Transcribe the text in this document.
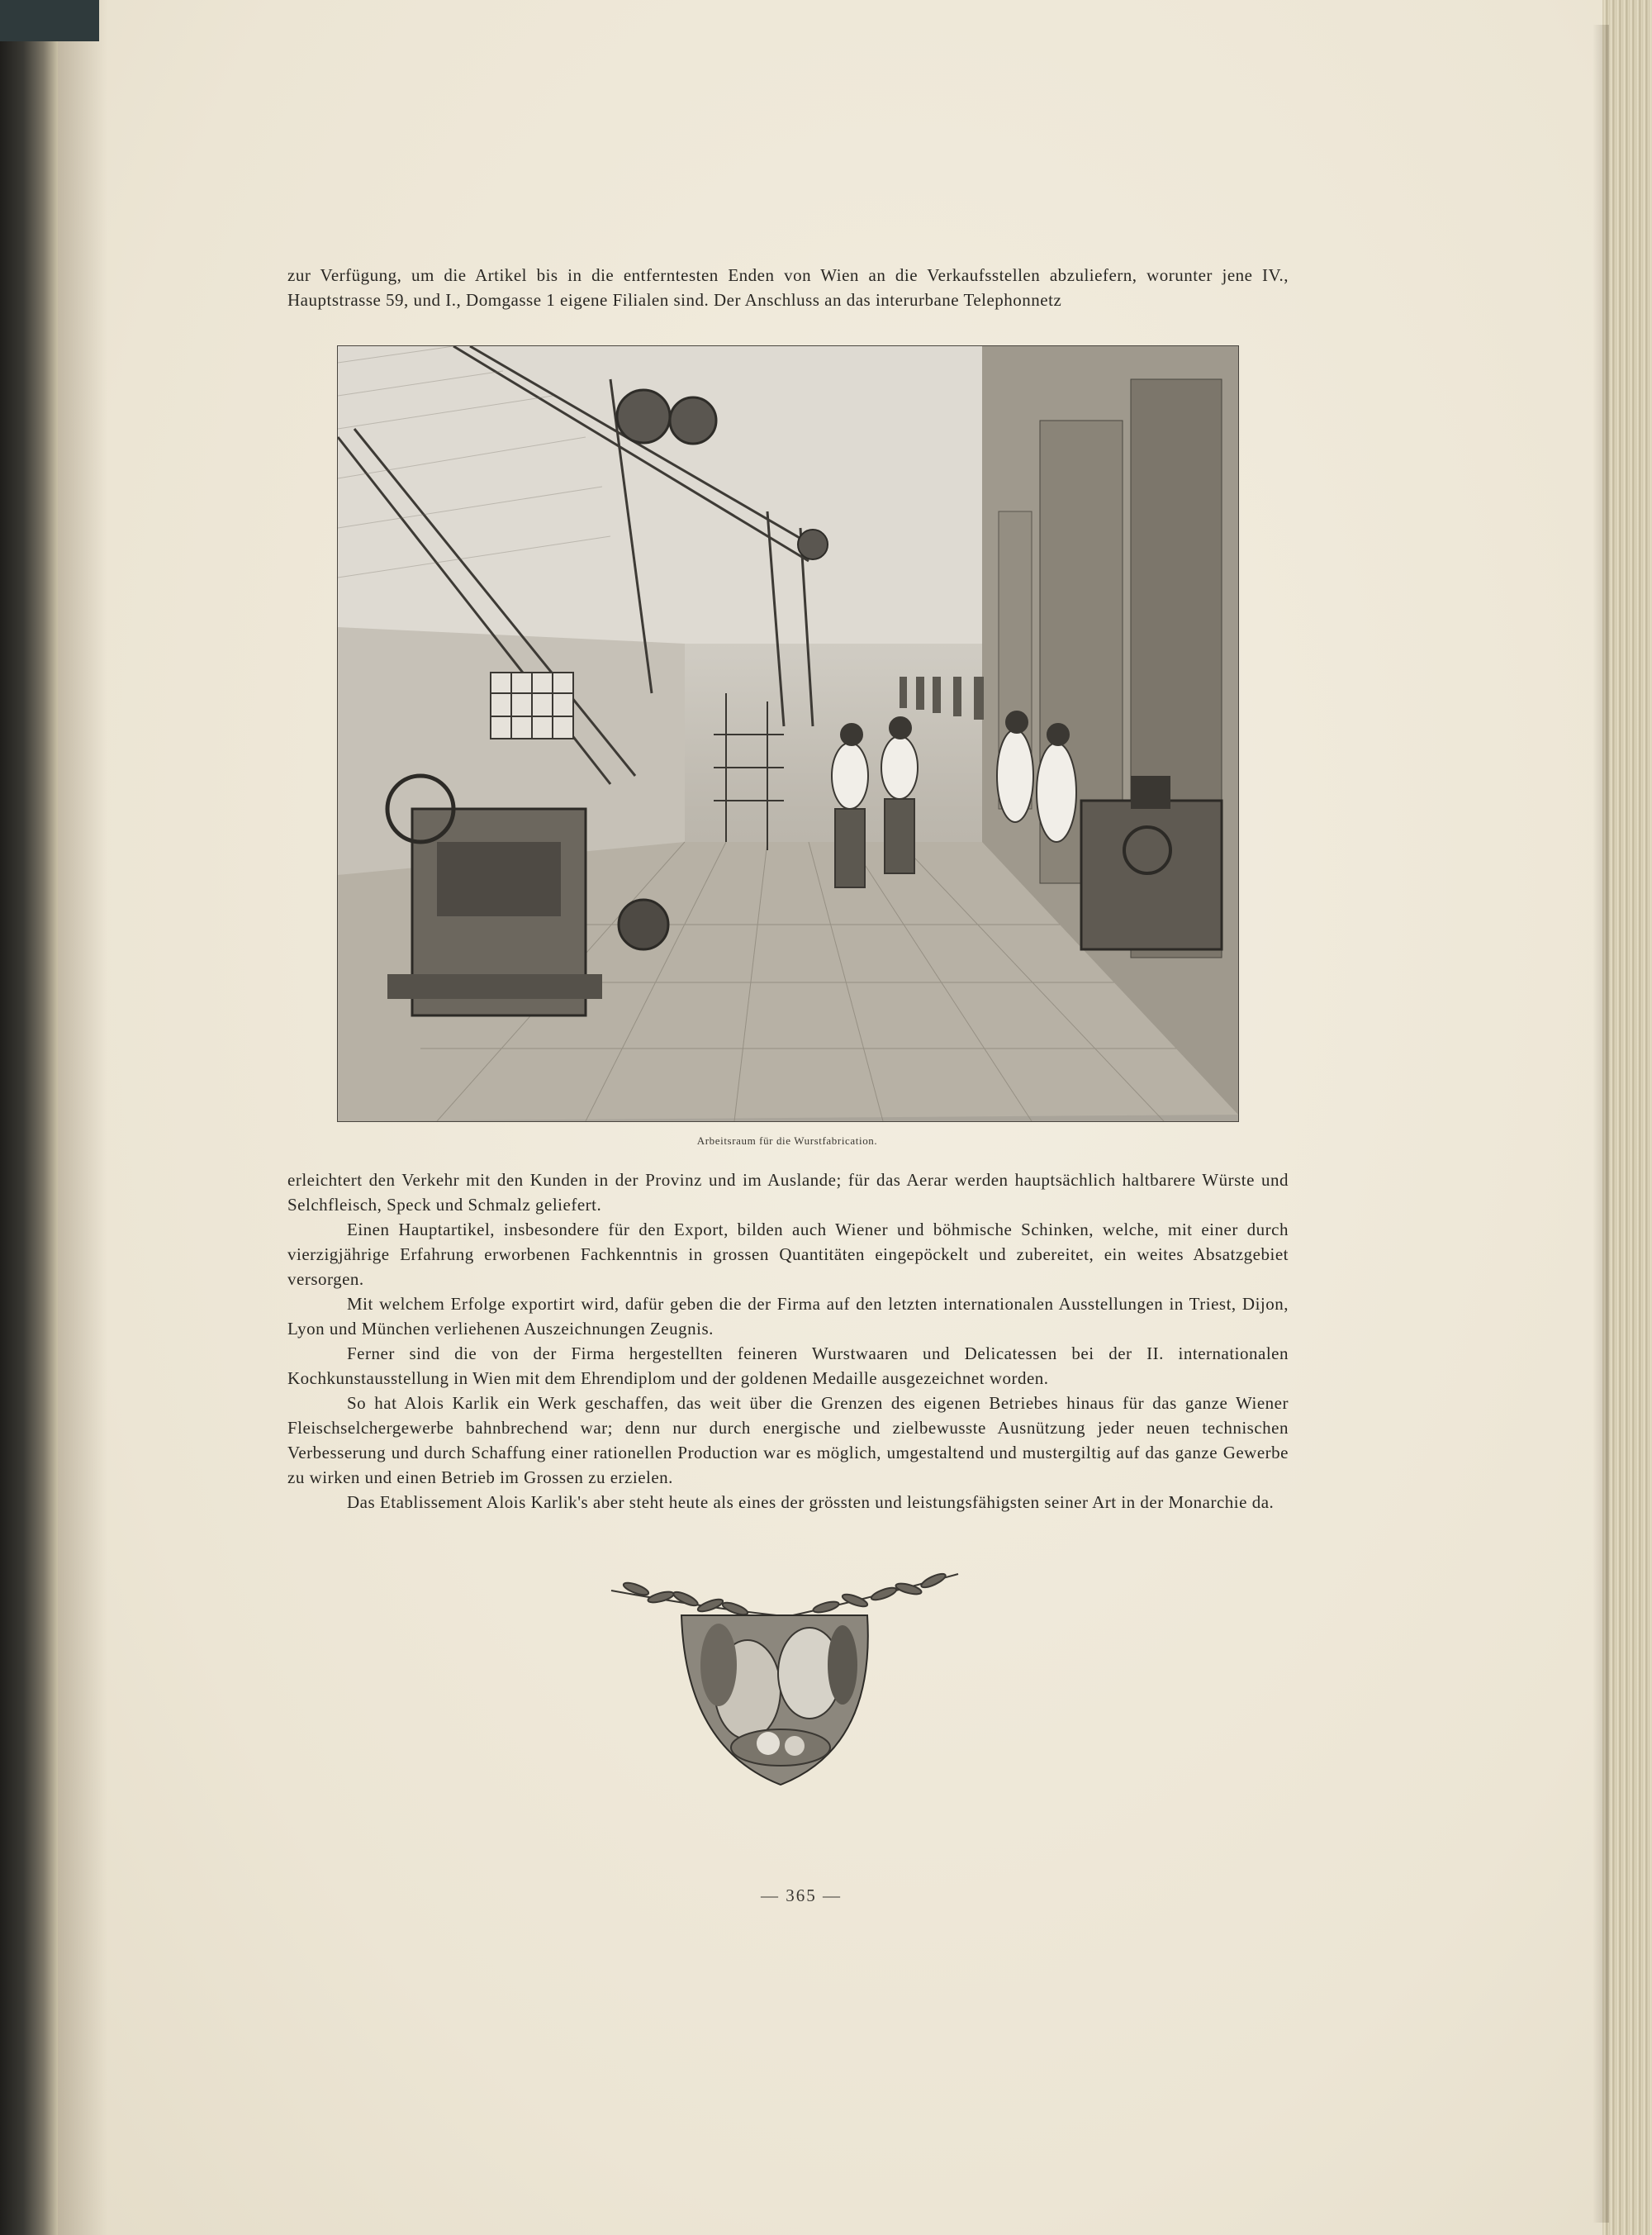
zur Verfügung, um die Artikel bis in die entferntesten Enden von Wien an die Verkaufsstellen abzuliefern, worunter jene IV., Hauptstrasse 59, und I., Domgasse 1 eigene Filialen sind. Der Anschluss an das interurbane Telephonnetz

Arbeitsraum für die Wurstfabrication.

erleichtert den Verkehr mit den Kunden in der Provinz und im Auslande; für das Aerar werden hauptsächlich haltbarere Würste und Selchfleisch, Speck und Schmalz geliefert.

Einen Hauptartikel, insbesondere für den Export, bilden auch Wiener und böhmische Schinken, welche, mit einer durch vierzigjährige Erfahrung erworbenen Fachkenntnis in grossen Quantitäten eingepöckelt und zubereitet, ein weites Absatzgebiet versorgen.

Mit welchem Erfolge exportirt wird, dafür geben die der Firma auf den letzten internationalen Ausstellungen in Triest, Dijon, Lyon und München verliehenen Auszeichnungen Zeugnis.

Ferner sind die von der Firma hergestellten feineren Wurstwaaren und Delicatessen bei der II. internationalen Kochkunstausstellung in Wien mit dem Ehrendiplom und der goldenen Medaille ausgezeichnet worden.

So hat Alois Karlik ein Werk geschaffen, das weit über die Grenzen des eigenen Betriebes hinaus für das ganze Wiener Fleischselchergewerbe bahnbrechend war; denn nur durch energische und zielbewusste Ausnützung jeder neuen technischen Verbesserung und durch Schaffung einer rationellen Production war es möglich, umgestaltend und mustergiltig auf das ganze Gewerbe zu wirken und einen Betrieb im Grossen zu erzielen.

Das Etablissement Alois Karlik's aber steht heute als eines der grössten und leistungsfähigsten seiner Art in der Monarchie da.

— 365 —
